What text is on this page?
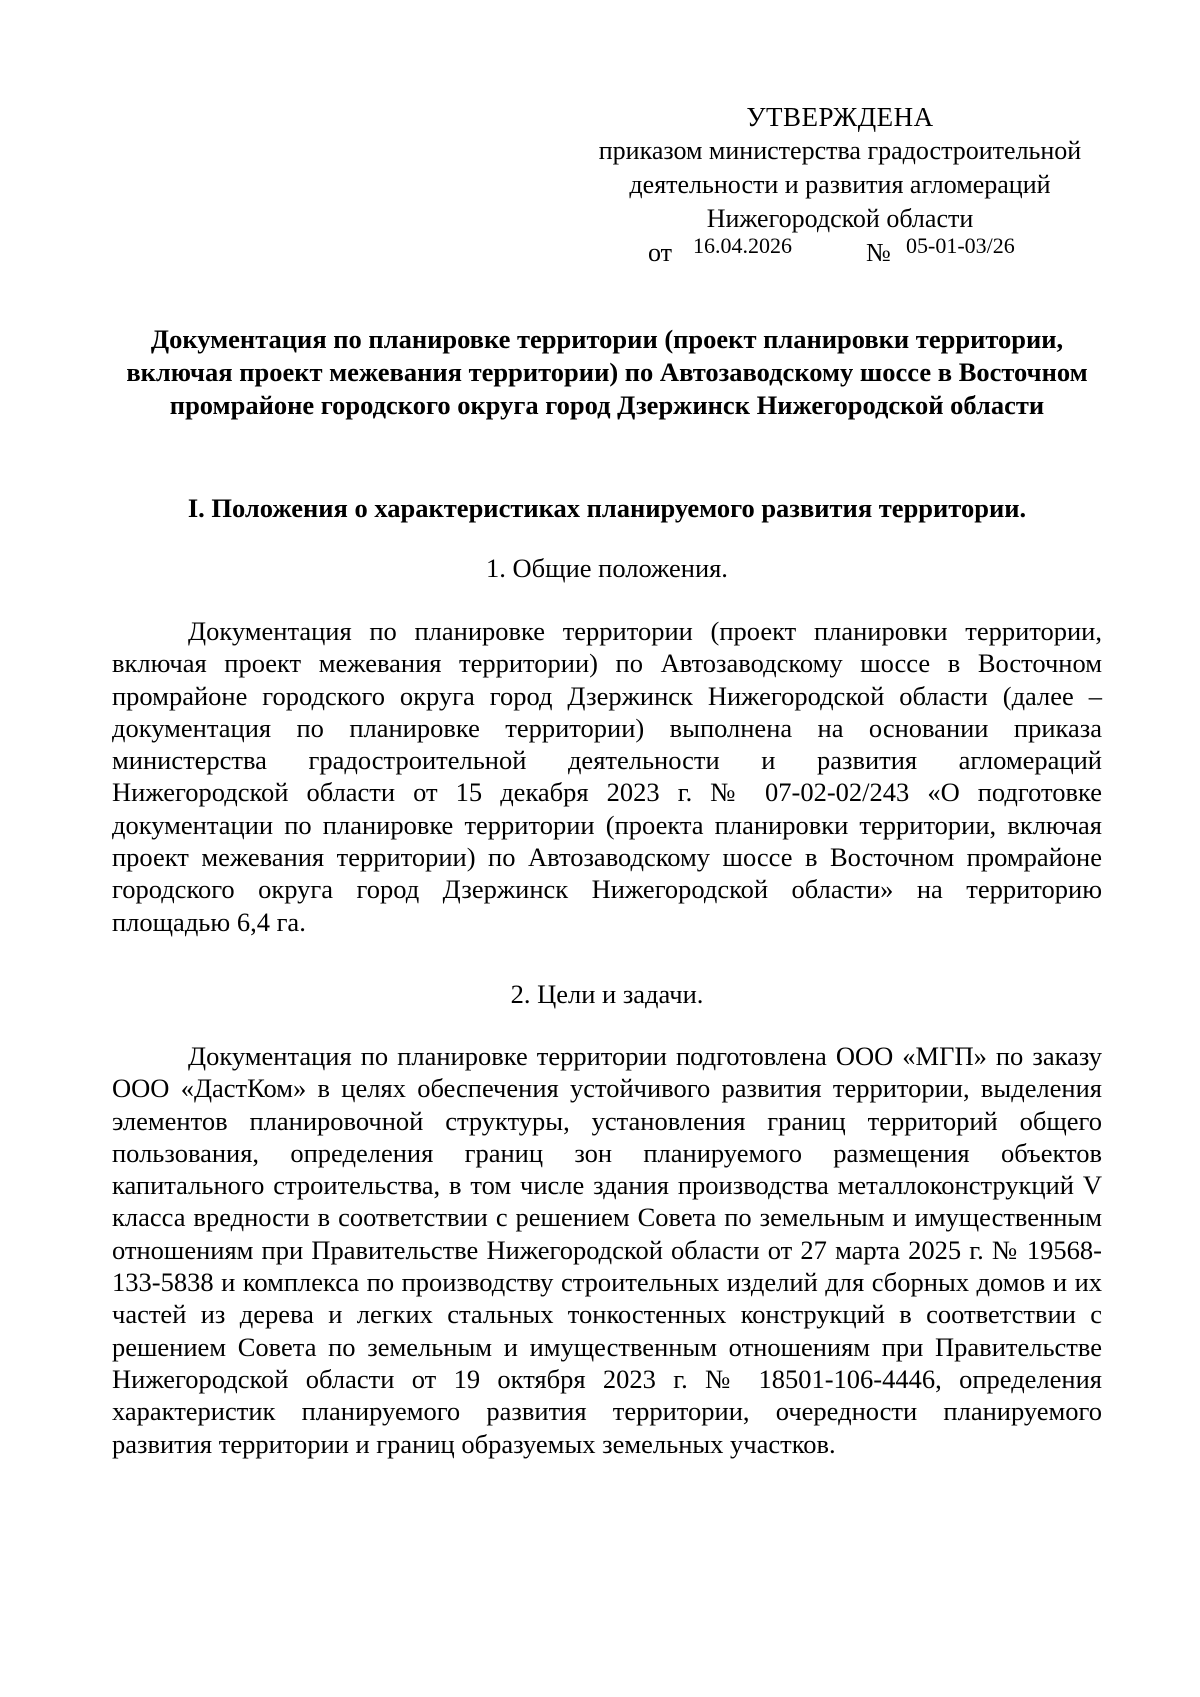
УТВЕРЖДЕНА
приказом министерства градостроительной
деятельности и развития агломераций
Нижегородской области
от 16.04.2026	№ 05-01-03/26
Документация по планировке территории (проект планировки территории, включая проект межевания территории) по Автозаводскому шоссе в Восточном промрайоне городского округа город Дзержинск Нижегородской области
I. Положения о характеристиках планируемого развития территории.
1. Общие положения.
Документация по планировке территории (проект планировки территории, включая проект межевания территории) по Автозаводскому шоссе в Восточном промрайоне городского округа город Дзержинск Нижегородской области (далее – документация по планировке территории) выполнена на основании приказа министерства градостроительной деятельности и развития агломераций Нижегородской области от 15 декабря 2023 г. № 07-02-02/243 «О подготовке документации по планировке территории (проекта планировки территории, включая проект межевания территории) по Автозаводскому шоссе в Восточном промрайоне городского округа город Дзержинск Нижегородской области» на территорию площадью 6,4 га.
2. Цели и задачи.
Документация по планировке территории подготовлена ООО «МГП» по заказу ООО «ДастКом» в целях обеспечения устойчивого развития территории, выделения элементов планировочной структуры, установления границ территорий общего пользования, определения границ зон планируемого размещения объектов капитального строительства, в том числе здания производства металлоконструкций V класса вредности в соответствии с решением Совета по земельным и имущественным отношениям при Правительстве Нижегородской области от 27 марта 2025 г. № 19568-133-5838 и комплекса по производству строительных изделий для сборных домов и их частей из дерева и легких стальных тонкостенных конструкций в соответствии с решением Совета по земельным и имущественным отношениям при Правительстве Нижегородской области от 19 октября 2023 г. № 18501-106-4446, определения характеристик планируемого развития территории, очередности планируемого развития территории и границ образуемых земельных участков.
